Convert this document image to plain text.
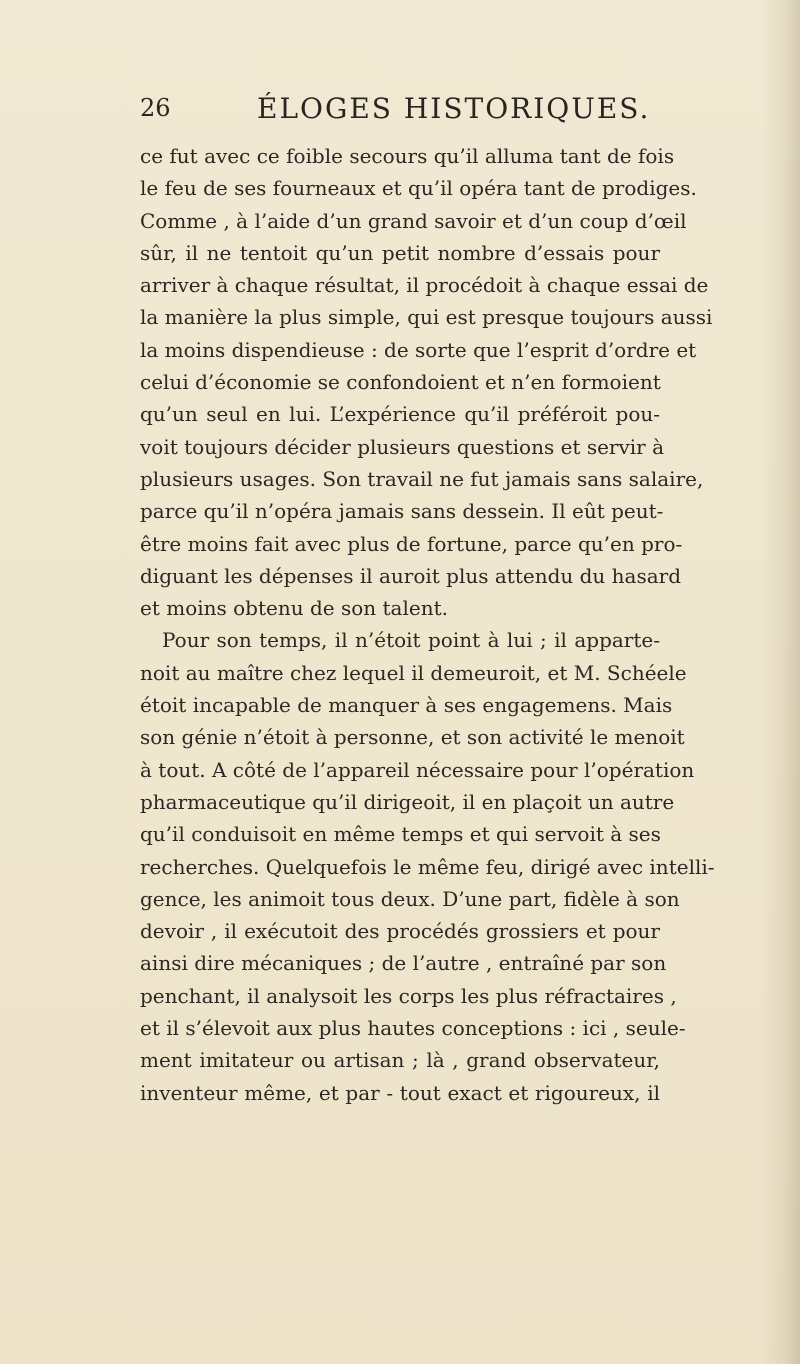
26	ÉLOGES HISTORIQUES.
ce fut avec ce foible secours qu’il alluma tant de fois
le feu de ses fourneaux et qu’il opéra tant de prodiges.
Comme , à l’aide d’un grand savoir et d’un coup d’œil
sûr, il ne tentoit qu’un petit nombre d’essais pour
arriver à chaque résultat, il procédoit à chaque essai de
la manière la plus simple, qui est presque toujours aussi
la moins dispendieuse : de sorte que l’esprit d’ordre et
celui d’économie se confondoient et n’en formoient
qu’un seul en lui. L’expérience qu’il préféroit pou-
voit toujours décider plusieurs questions et servir à
plusieurs usages. Son travail ne fut jamais sans salaire,
parce qu’il n’opéra jamais sans dessein. Il eût peut-
être moins fait avec plus de fortune, parce qu’en pro-
diguant les dépenses il auroit plus attendu du hasard
et moins obtenu de son talent.
Pour son temps, il n’étoit point à lui ; il apparte-
noit au maître chez lequel il demeuroit, et M. Schéele
étoit incapable de manquer à ses engagemens. Mais
son génie n’étoit à personne, et son activité le menoit
à tout. A côté de l’appareil nécessaire pour l’opération
pharmaceutique qu’il dirigeoit, il en plaçoit un autre
qu’il conduisoit en même temps et qui servoit à ses
recherches. Quelquefois le même feu, dirigé avec intelli-
gence, les animoit tous deux. D’une part, fidèle à son
devoir , il exécutoit des procédés grossiers et pour
ainsi dire mécaniques ; de l’autre , entraîné par son
penchant, il analysoit les corps les plus réfractaires ,
et il s’élevoit aux plus hautes conceptions : ici , seule-
ment imitateur ou artisan ; là , grand observateur,
inventeur même, et par - tout exact et rigoureux, il
